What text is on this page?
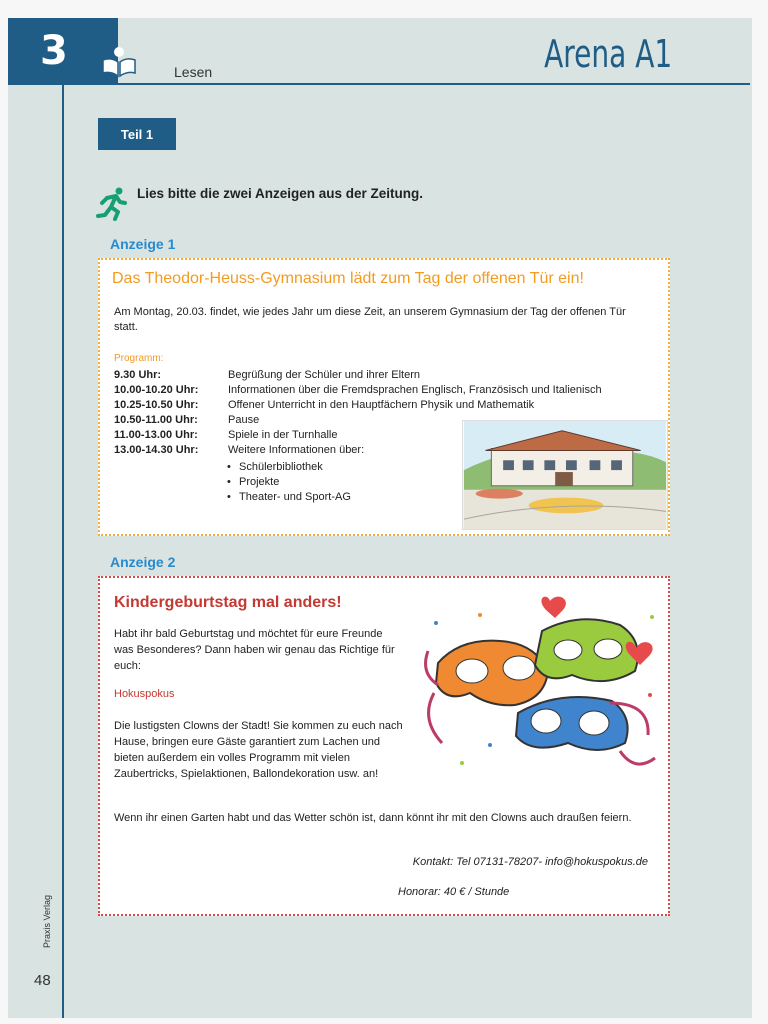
3	Lesen	Arena A1
Teil 1
Lies bitte die zwei Anzeigen aus der Zeitung.
Anzeige 1
Das Theodor-Heuss-Gymnasium lädt zum Tag der offenen Tür ein!
Am Montag, 20.03. findet, wie jedes Jahr um diese Zeit, an unserem Gymnasium der Tag der offenen Tür statt.
Programm:
9.30 Uhr:	Begrüßung der Schüler und ihrer Eltern
10.00-10.20 Uhr:	Informationen über die Fremdsprachen Englisch, Französisch und Italienisch
10.25-10.50 Uhr:	Offener Unterricht in den Hauptfächern Physik und Mathematik
10.50-11.00 Uhr:	Pause
11.00-13.00 Uhr:	Spiele in der Turnhalle
13.00-14.30 Uhr:	Weitere Informationen über:
• Schülerbibliothek
• Projekte
• Theater- und Sport-AG
Anzeige 2
Kindergeburtstag mal anders!
Habt ihr bald Geburtstag und möchtet für eure Freunde was Besonderes? Dann haben wir genau das Richtige für euch:
Hokuspokus
Die lustigsten Clowns der Stadt! Sie kommen zu euch nach Hause, bringen eure Gäste garantiert zum Lachen und bieten außerdem ein volles Programm mit vielen Zaubertricks, Spielaktionen, Ballondekoration usw. an!
Wenn ihr einen Garten habt und das Wetter schön ist, dann könnt ihr mit den Clowns auch draußen feiern.
Kontakt: Tel 07131-78207- info@hokuspokus.de
Honorar: 40 € / Stunde
Praxis Verlag
48
